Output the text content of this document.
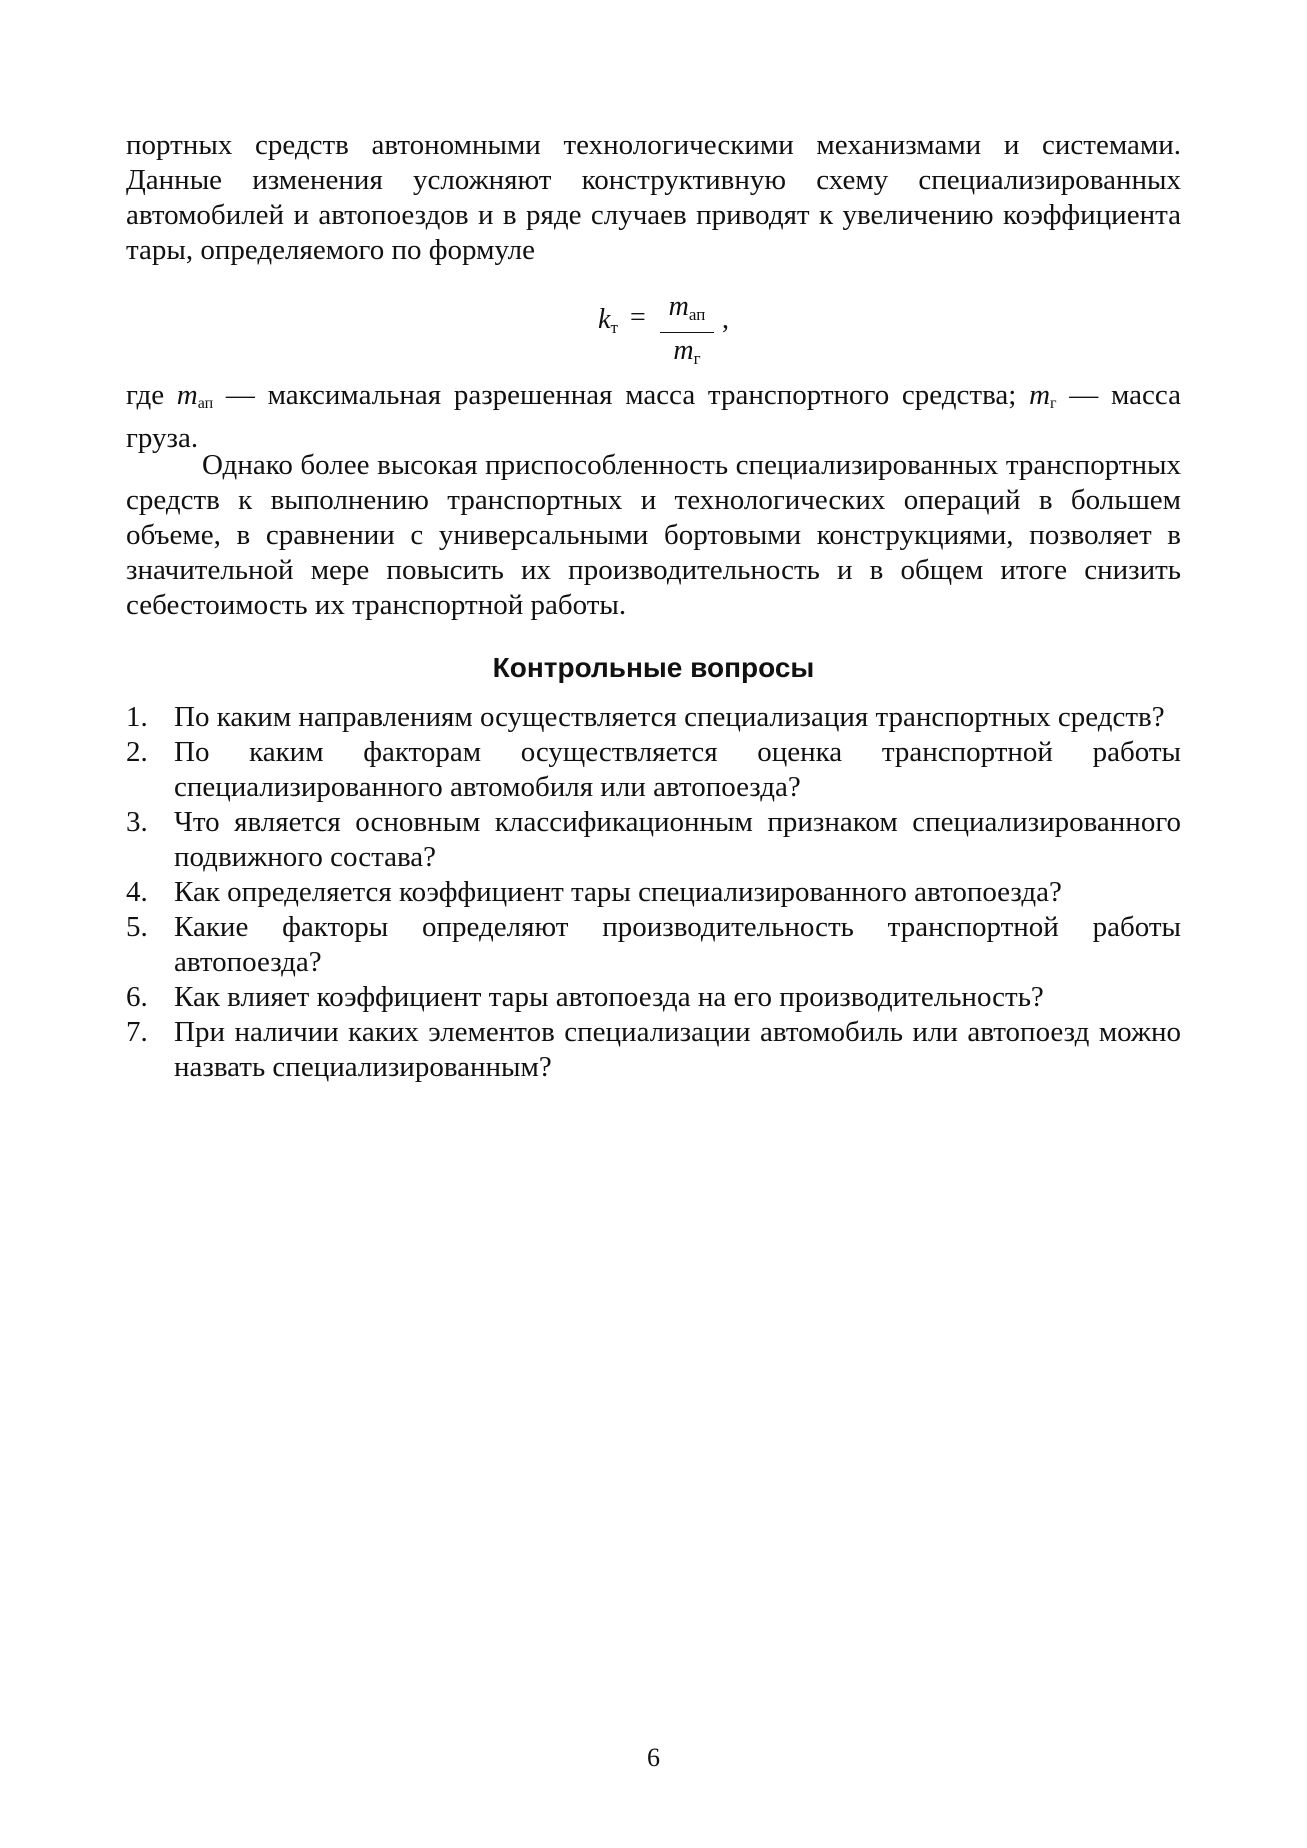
портных средств автономными технологическими механизмами и системами. Данные изменения усложняют конструктивную схему специализированных автомобилей и автопоездов и в ряде случаев приводят к увеличению коэффициента тары, определяемого по формуле

$k_т = m_{ап}$
$m_г$
,

где mап — максимальная разрешенная масса транспортного средства; mг — масса груза.

Однако более высокая приспособленность специализированных транспортных средств к выполнению транспортных и технологических операций в большем объеме, в сравнении с универсальными бортовыми конструкциями, позволяет в значительной мере повысить их производительность и в общем итоге снизить себестоимость их транспортной работы.

Контрольные вопросы
1. По каким направлениям осуществляется специализация транспортных средств?
2. По каким факторам осуществляется оценка транспортной работы специализированного автомобиля или автопоезда?
3. Что является основным классификационным признаком специализированного подвижного состава?
4. Как определяется коэффициент тары специализированного автопоезда?
5. Какие факторы определяют производительность транспортной работы автопоезда?
6. Как влияет коэффициент тары автопоезда на его производительность?
7. При наличии каких элементов специализации автомобиль или автопоезд можно назвать специализированным?
6
